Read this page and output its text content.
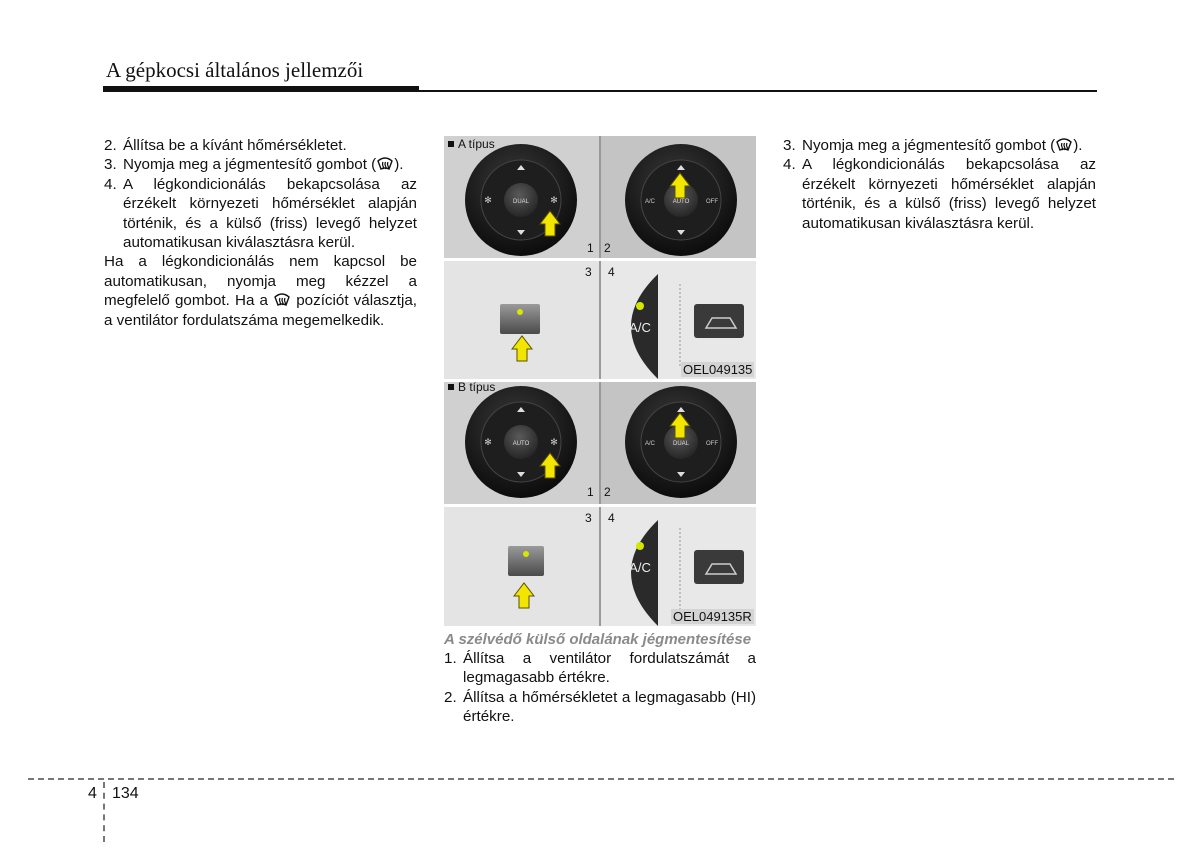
A gépkocsi általános jellemzői
2. Állítsa be a kívánt hőmérsékletet.
3. Nyomja meg a jégmentesítő gombot ( ).
4. A légkondicionálás bekapcsolása az érzékelt környezeti hőmérséklet alapján történik, és a külső (friss) levegő helyzet automatikusan kiválasztásra kerül.

Ha a légkondicionálás nem kapcsol be automatikusan, nyomja meg kézzel a megfelelő gombot. Ha a  pozíciót választja, a ventilátor fordulatszáma megemelkedik.

DUAL
✻	✻
1
AUTO
A/C	OFF
2
3 4
A/C
AUTO
✻	✻
1
DUAL
A/C	OFF
2
3 4
A/C
A típus
B típus
OEL049135
OEL049135R
A szélvédő külső oldalának jégmentesítése
1. Állítsa a ventilátor fordulatszámát a legmagasabb értékre.
2. Állítsa a hőmérsékletet a legmagasabb (HI) értékre.
3. Nyomja meg a jégmentesítő gombot ( ).
4. A légkondicionálás bekapcsolása az érzékelt környezeti hőmérséklet alapján történik, és a külső (friss) levegő helyzet automatikusan kiválasztásra kerül.
4 134
